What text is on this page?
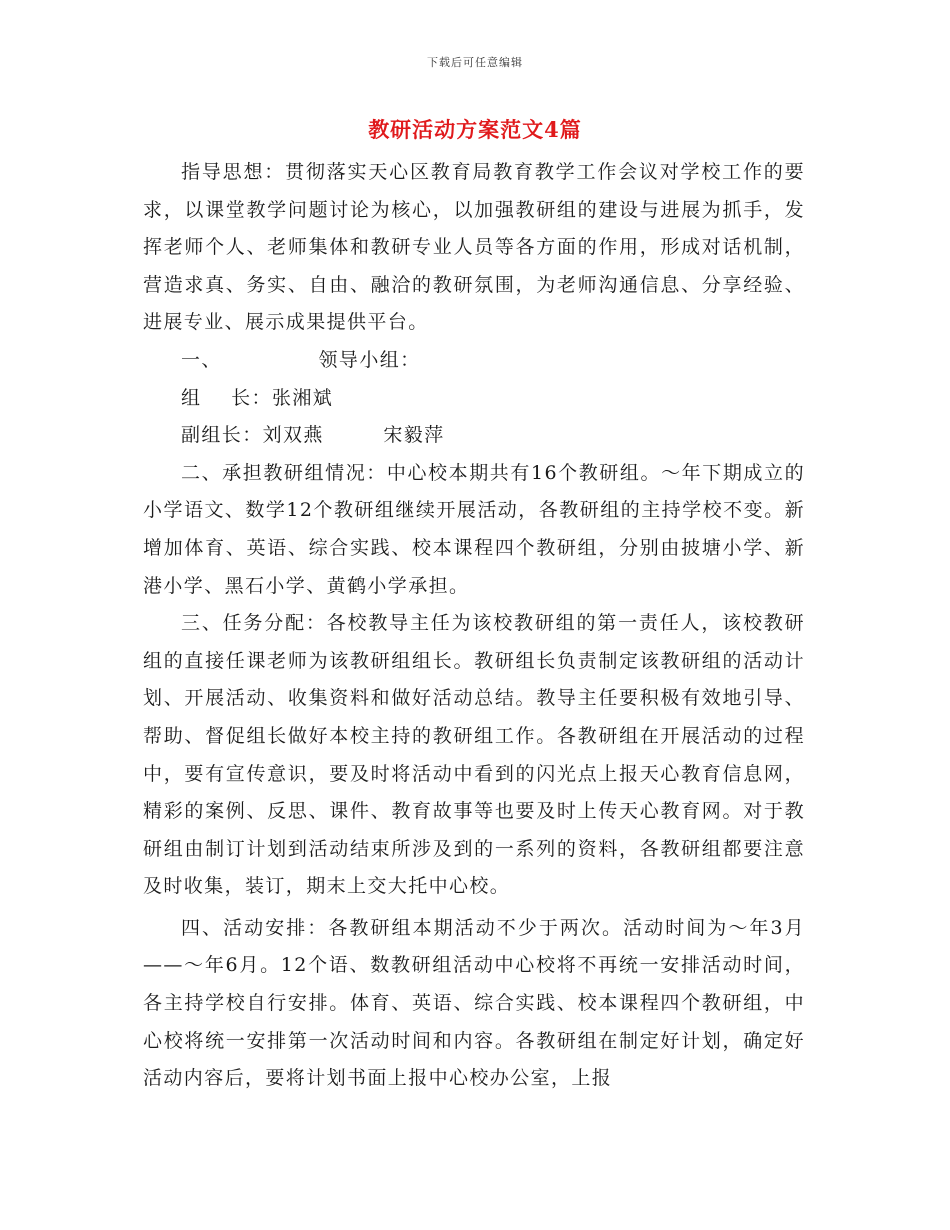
下载后可任意编辑
教研活动方案范文4篇

指导思想：贯彻落实天心区教育局教育教学工作会议对学校工作的要求，以课堂教学问题讨论为核心，以加强教研组的建设与进展为抓手，发挥老师个人、老师集体和教研专业人员等各方面的作用，形成对话机制，营造求真、务实、自由、融洽的教研氛围，为老师沟通信息、分享经验、进展专业、展示成果提供平台。

一、             领导小组：

组    长：张湘斌

副组长：刘双燕        宋毅萍

二、承担教研组情况：中心校本期共有16个教研组。～年下期成立的小学语文、数学12个教研组继续开展活动，各教研组的主持学校不变。新增加体育、英语、综合实践、校本课程四个教研组，分别由披塘小学、新港小学、黑石小学、黄鹤小学承担。

三、任务分配：各校教导主任为该校教研组的第一责任人，该校教研组的直接任课老师为该教研组组长。教研组长负责制定该教研组的活动计划、开展活动、收集资料和做好活动总结。教导主任要积极有效地引导、帮助、督促组长做好本校主持的教研组工作。各教研组在开展活动的过程中，要有宣传意识，要及时将活动中看到的闪光点上报天心教育信息网，精彩的案例、反思、课件、教育故事等也要及时上传天心教育网。对于教研组由制订计划到活动结束所涉及到的一系列的资料，各教研组都要注意及时收集，装订，期末上交大托中心校。

四、活动安排：各教研组本期活动不少于两次。活动时间为～年3月——～年6月。12个语、数教研组活动中心校将不再统一安排活动时间，各主持学校自行安排。体育、英语、综合实践、校本课程四个教研组，中心校将统一安排第一次活动时间和内容。各教研组在制定好计划，确定好活动内容后，要将计划书面上报中心校办公室，上报
